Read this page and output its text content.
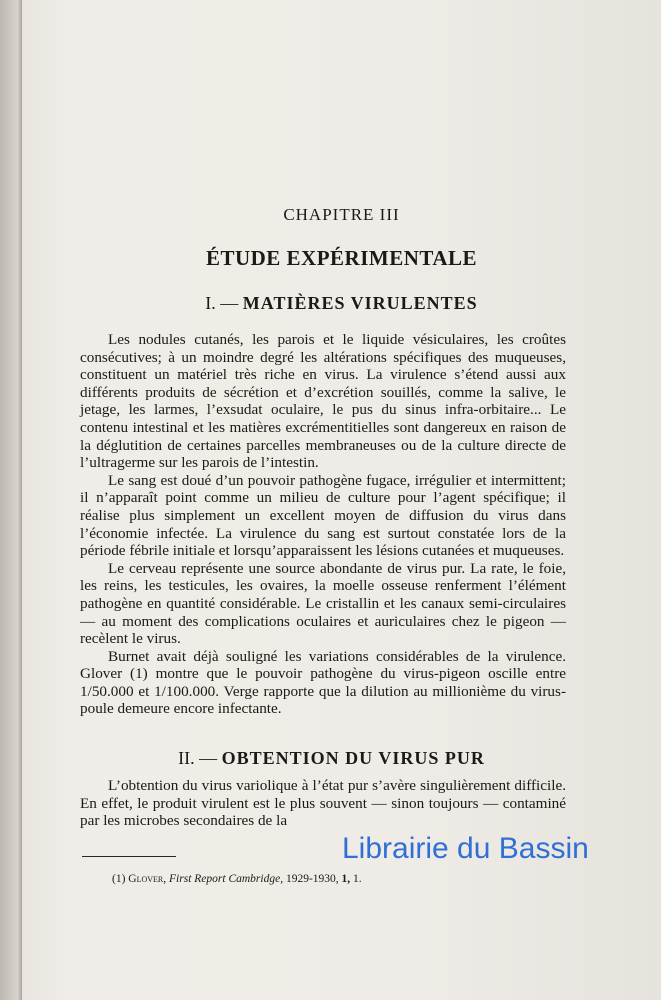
CHAPITRE III
ÉTUDE EXPÉRIMENTALE
I. — MATIÈRES VIRULENTES

Les nodules cutanés, les parois et le liquide vésiculaires, les croûtes consécutives; à un moindre degré les altérations spécifiques des muqueuses, constituent un matériel très riche en virus. La virulence s’étend aussi aux différents produits de sécrétion et d’excrétion souillés, comme la salive, le jetage, les larmes, l’exsudat oculaire, le pus du sinus infra-orbitaire... Le contenu intestinal et les matières excrémentitielles sont dangereux en raison de la déglutition de certaines parcelles membraneuses ou de la culture directe de l’ultragerme sur les parois de l’intestin.

Le sang est doué d’un pouvoir pathogène fugace, irrégulier et intermittent; il n’apparaît point comme un milieu de culture pour l’agent spécifique; il réalise plus simplement un excellent moyen de diffusion du virus dans l’économie infectée. La virulence du sang est surtout constatée lors de la période fébrile initiale et lorsqu’apparaissent les lésions cutanées et muqueuses.

Le cerveau représente une source abondante de virus pur. La rate, le foie, les reins, les testicules, les ovaires, la moelle osseuse renferment l’élément pathogène en quantité considérable. Le cristallin et les canaux semi-circulaires — au moment des complications oculaires et auriculaires chez le pigeon — recèlent le virus.

Burnet avait déjà souligné les variations considérables de la virulence. Glover (1) montre que le pouvoir pathogène du virus-pigeon oscille entre 1/50.000 et 1/100.000. Verge rapporte que la dilution au millionième du virus-poule demeure encore infectante.

II. — OBTENTION DU VIRUS PUR

L’obtention du virus variolique à l’état pur s’avère singulièrement difficile. En effet, le produit virulent est le plus souvent — sinon toujours — contaminé par les microbes secondaires de la

(1) Glover, First Report Cambridge, 1929-1930, 1, 1.
Librairie du Bassin
